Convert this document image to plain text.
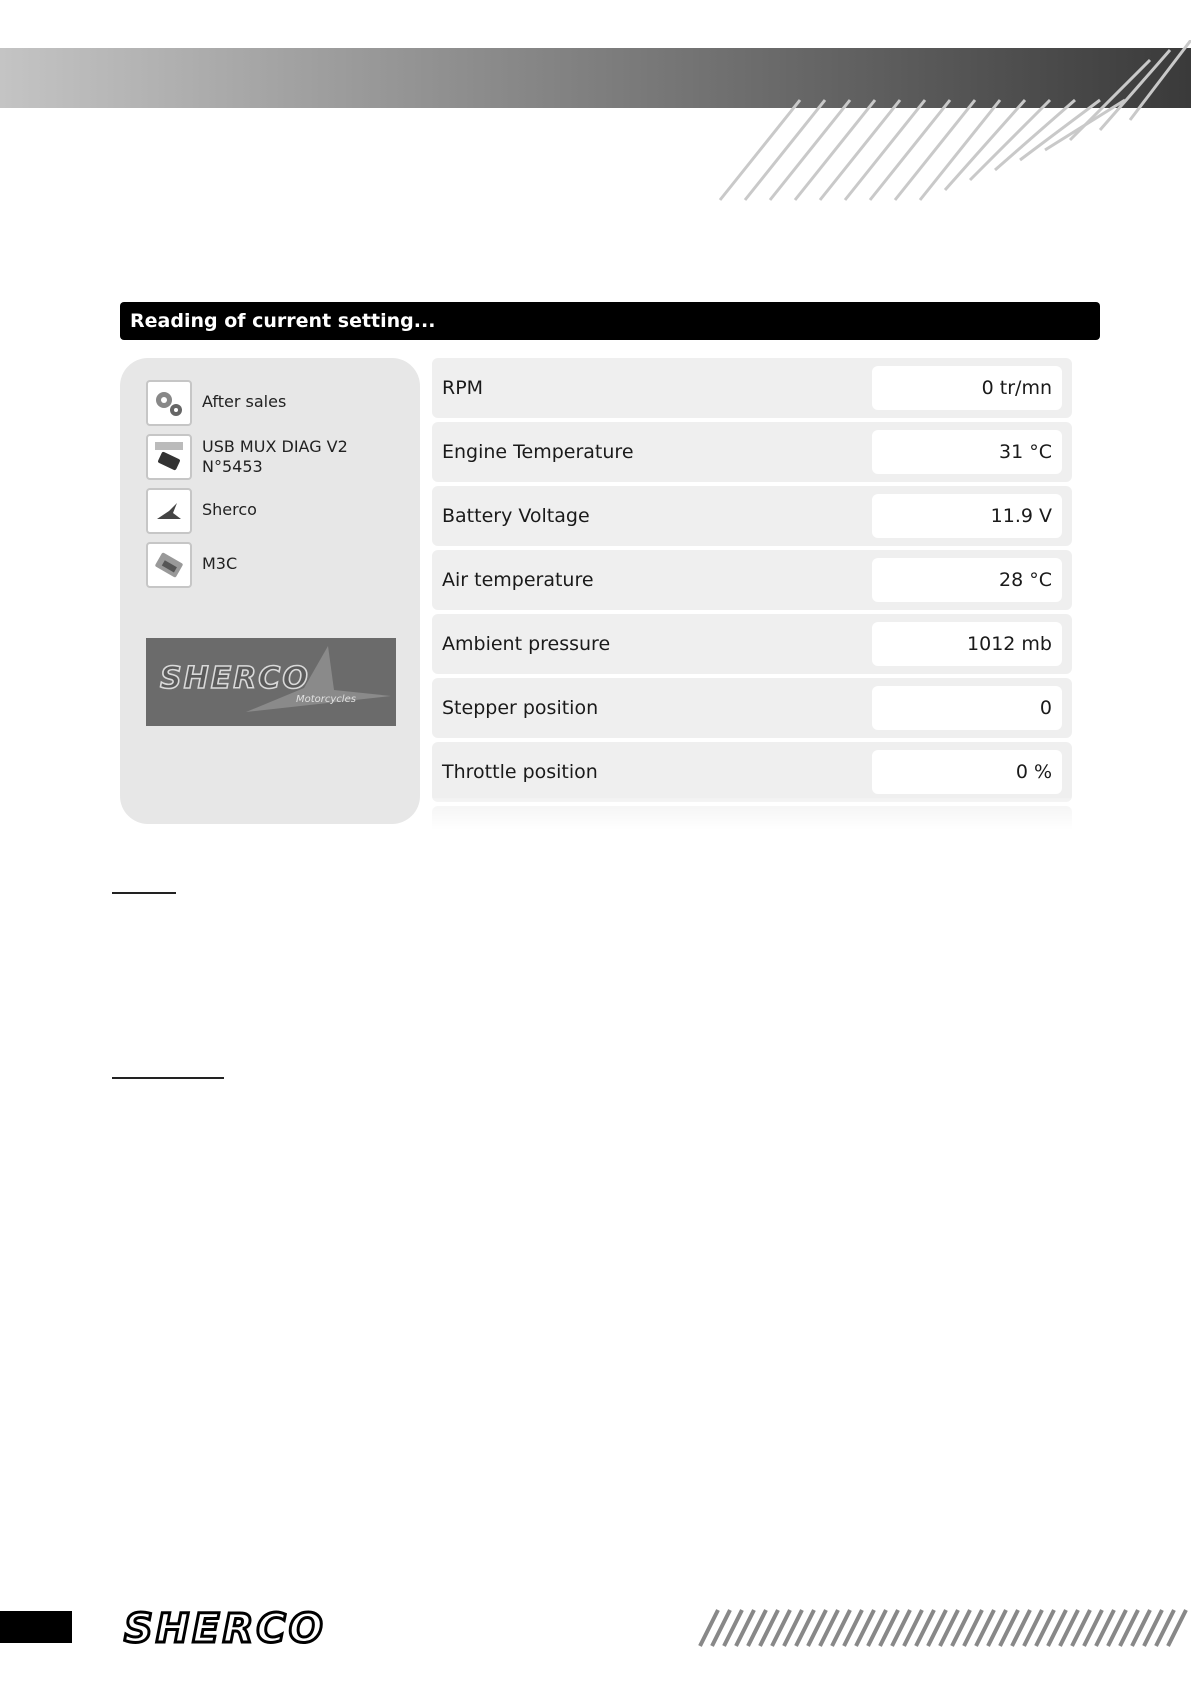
Reading of current setting...
After sales
USB MUX DIAG V2
N°5453
Sherco
M3C
SHERCO
Motorcycles
RPM	0 tr/mn
Engine Temperature	31 °C
Battery Voltage	11.9 V
Air temperature	28 °C
Ambient pressure	1012 mb
Stepper position	0
Throttle position	0 %
SHERCO
